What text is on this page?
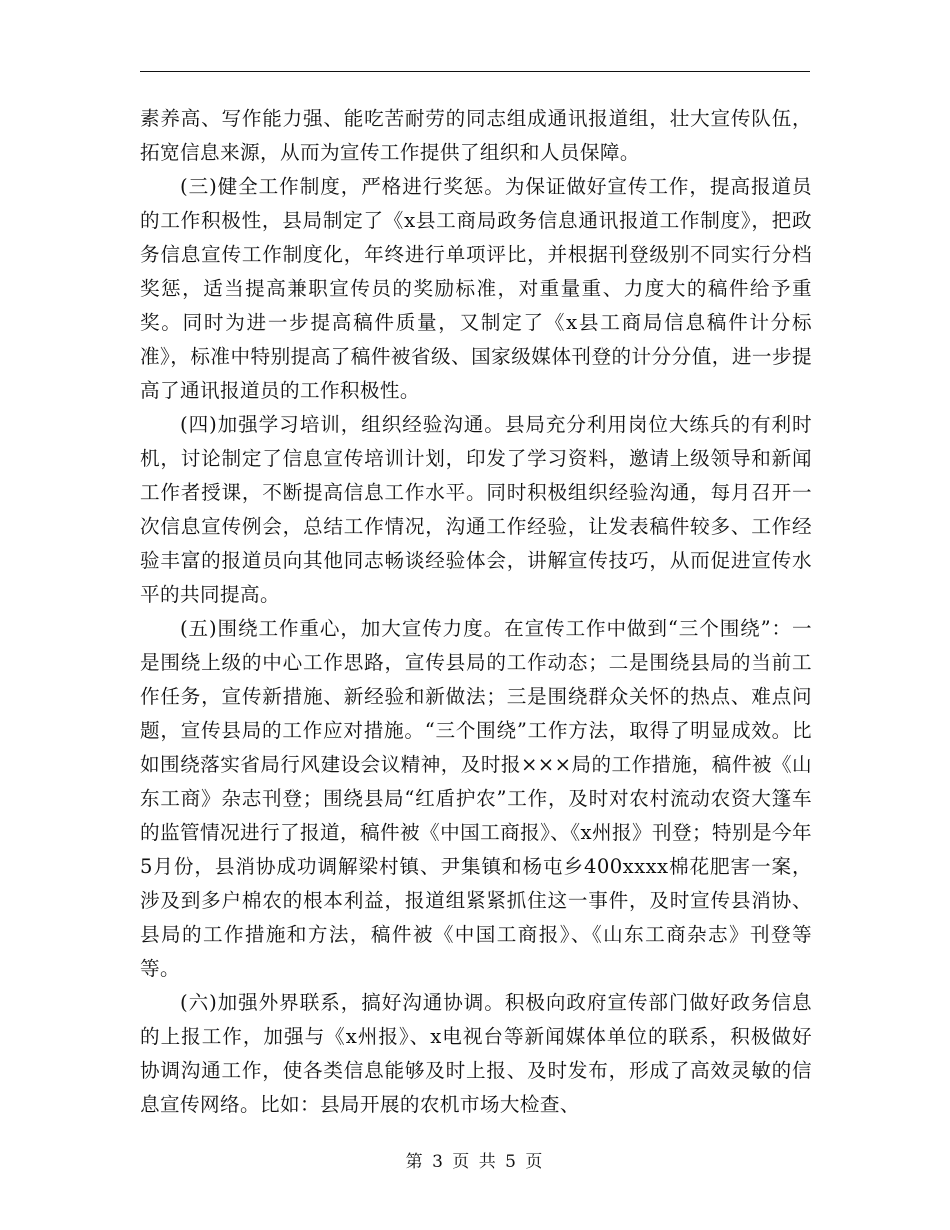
素养高、写作能力强、能吃苦耐劳的同志组成通讯报道组，壮大宣传队伍，拓宽信息来源，从而为宣传工作提供了组织和人员保障。

(三)健全工作制度，严格进行奖惩。为保证做好宣传工作，提高报道员的工作积极性，县局制定了《x县工商局政务信息通讯报道工作制度》，把政务信息宣传工作制度化，年终进行单项评比，并根据刊登级别不同实行分档奖惩，适当提高兼职宣传员的奖励标准，对重量重、力度大的稿件给予重奖。同时为进一步提高稿件质量，又制定了《x县工商局信息稿件计分标准》，标准中特别提高了稿件被省级、国家级媒体刊登的计分分值，进一步提高了通讯报道员的工作积极性。

(四)加强学习培训，组织经验沟通。县局充分利用岗位大练兵的有利时机，讨论制定了信息宣传培训计划，印发了学习资料，邀请上级领导和新闻工作者授课，不断提高信息工作水平。同时积极组织经验沟通，每月召开一次信息宣传例会，总结工作情况，沟通工作经验，让发表稿件较多、工作经验丰富的报道员向其他同志畅谈经验体会，讲解宣传技巧，从而促进宣传水平的共同提高。

(五)围绕工作重心，加大宣传力度。在宣传工作中做到“三个围绕”：一是围绕上级的中心工作思路，宣传县局的工作动态；二是围绕县局的当前工作任务，宣传新措施、新经验和新做法；三是围绕群众关怀的热点、难点问题，宣传县局的工作应对措施。“三个围绕”工作方法，取得了明显成效。比如围绕落实省局行风建设会议精神，及时报×××局的工作措施，稿件被《山东工商》杂志刊登；围绕县局“红盾护农”工作，及时对农村流动农资大篷车的监管情况进行了报道，稿件被《中国工商报》、《x州报》刊登；特别是今年5月份，县消协成功调解梁村镇、尹集镇和杨屯乡400xxxx棉花肥害一案，涉及到多户棉农的根本利益，报道组紧紧抓住这一事件，及时宣传县消协、县局的工作措施和方法，稿件被《中国工商报》、《山东工商杂志》刊登等等。

(六)加强外界联系，搞好沟通协调。积极向政府宣传部门做好政务信息的上报工作，加强与《x州报》、x电视台等新闻媒体单位的联系，积极做好协调沟通工作，使各类信息能够及时上报、及时发布，形成了高效灵敏的信息宣传网络。比如：县局开展的农机市场大检查、

第 3 页 共 5 页
